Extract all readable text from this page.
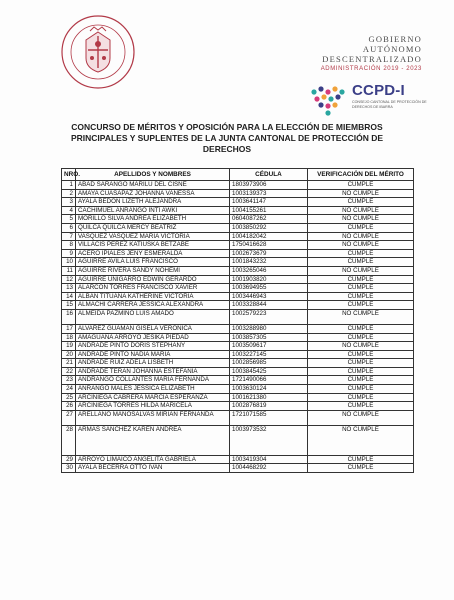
GOBIERNO
AUTÓNOMO
DESCENTRALIZADO
ADMINISTRACIÓN 2019 - 2023
CCPD-I
CONSEJO CANTONAL DE PROTECCIÓN DE DERECHOS DE IBARRA
CONCURSO DE MÉRITOS Y OPOSICIÓN PARA LA ELECCIÓN DE MIEMBROS
PRINCIPALES Y SUPLENTES DE LA JUNTA CANTONAL DE PROTECCIÓN DE
DERECHOS
NRO.	APELLIDOS Y NOMBRES	CÉDULA	VERIFICACIÓN DEL MÉRITO
1	ABAD SARANGO MARILU DEL CISNE	1803973906	CUMPLE
2	AMAYA CUASAPAZ JOHANNA VANESSA	1003139373	NO CUMPLE
3	AYALA BEDON LIZETH ALEJANDRA	1003641147	CUMPLE
4	CACHIMUEL ANRANGO INTI AWKI	1004155261	NO CUMPLE
5	MORILLO SILVA ANDREA ELIZABETH	0604087262	NO CUMPLE
6	QUILCA QUILCA MERCY BEATRIZ	1003850292	CUMPLE
7	VASQUEZ VASQUEZ MARIA VICTORIA	1004182042	NO CUMPLE
8	VILLACIS PEREZ KATIUSKA BETZABE	1750416628	NO CUMPLE
9	ACERO IPIALES JENY ESMERALDA	1002673679	CUMPLE
10	AGUIRRE AVILA LUIS FRANCISCO	1001843232	CUMPLE
11	AGUIRRE RIVERA SANDY NOHEMI	1003265046	NO CUMPLE
12	AGUIRRE UNIGARRO EDWIN GERARDO	1001903820	CUMPLE
13	ALARCON TORRES FRANCISCO XAVIER	1003694955	CUMPLE
14	ALBAN TITUAÑA KATHERINE VICTORIA	1003446943	CUMPLE
15	ALMACHI CARRERA JESSICA ALEXANDRA	1003328844	CUMPLE
16	ALMEIDA PAZMIÑO LUIS AMADO	1002579223	NO CUMPLE
17	ALVAREZ GUAMAN GISELA VERONICA	1003288980	CUMPLE
18	AMAGUAÑA ARROYO JESIKA PIEDAD	1003857305	CUMPLE
19	ANDRADE PINTO DORIS STEPHANY	1003509617	NO CUMPLE
20	ANDRADE PINTO NADIA MARIA	1003227145	CUMPLE
21	ANDRADE RUIZ ADELA LISBETH	1002856985	CUMPLE
22	ANDRADE TERAN JOHANNA ESTEFANIA	1003845425	CUMPLE
23	ANDRANGO COLLANTES MARIA FERNANDA	1721490066	CUMPLE
24	ANRANGO MALES JESSICA ELIZABETH	1003630124	CUMPLE
25	ARCINIEGA CABRERA MARCIA ESPERANZA	1001621380	CUMPLE
26	ARCINIEGA TORRES HILDA MARICELA	1002876819	CUMPLE
27	ARELLANO MANOSALVAS MIRIAN FERNANDA	1721071585	NO CUMPLE
28	ARMAS SANCHEZ KAREN ANDREA	1003973532	NO CUMPLE
29	ARROYO LIMAICO ANGELITA GABRIELA	1003419304	CUMPLE
30	AYALA BECERRA OTTO IVAN	1004468292	CUMPLE
